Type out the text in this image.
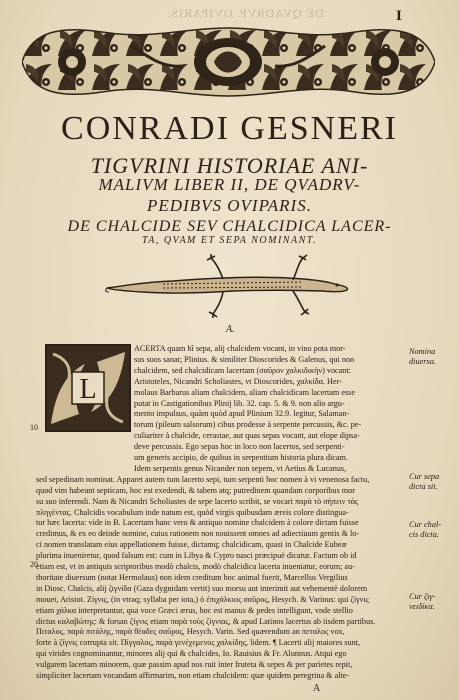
DE QVADRVP. OVIPARIS.	I
CONRADI GESNERI
TIGVRINI HISTORIAE ANI-
MALIVM LIBER II, DE QVADRV-
PEDIBVS OVIPARIS.
DE CHALCIDE SEV CHALCIDICA LACER-
TA, QVAM ET SEPA NOMINANT.
A.
L
ACERTA quam hî sepa, alij chalcidem vocant, in vino pota mor-
sus suos sanat; Plinius. & similiter Dioscorides & Galenus, qui non
chalcidem, sed chalcidicam lacertam (σαῦρον χαλκιδικὴν) vocant:
Aristoteles, Nicandri Scholiastes, vt Dioscorides, χαλκίδα. Her-
molaus Barbarus aliam chalcidem, aliam chalcidicam lacertam esse
putat in Castigationibus Plinij lib. 32. cap. 5. & 9. non alio argu-
mento impulsus, quàm quòd apud Plinium 32.9. legitur, Salaman-
torum (pileum salsorum) cibus prodesse à serpente percussis, &c. pe-
culiariter à chalcide, cerastae, aut quas sepas vocant, aut elope dipsa-
deve percussis. Ego sepas hoc in loco non lacertos, sed serpenti-
um generis accipio, de quibus in serpentium historia plura dicam.
Idem serpentis genus Nicander non sepem, vt Aetius & Lucanus,
sed sepedinam nominat. Apparet autem tum lacerto sepi, tum serpenti hoc nomen à vi venenosa factu,
quod vim habeant septicam, hoc est exedendi, & tabem atq; putredinem quandam corporibus mor
su suo inferendi. Nam & Nicandri Scholiastes de sepe lacerto scribit, se vocari παρὰ τὸ σήπειν τὰς
πληγέντας. Chalcidis vocabulum inde natum est, quòd virgis quibusdam æreis colore distingua-
tur hæc lacerta: vide in B. Lacertam hanc vero & antiquo nomine chalcidem à colore dictam fuisse
credimus, & ex eo deinde nomine, cuius rationem non nouissent omnes ad adiectiuum gentis & lo-
ci nomen translatam eius appellationem fuisse, dictamq; chalcidicam, quasi in Chalcide Eubeæ
plurima inueniretur, quod falsum est: cum in Libya & Cypro nasci præcipuè dicatur. Factum ob id
etiam est, vt in antiquis scriptoribus modò chalcis, modò chalcidica lacerta inueniatur, eorum; au-
thoritate diuersum (notat Hermolaus) non idem creditum hoc animal fuerit, Marcellus Vergilius
in Diosc. Chalcis, alij ζιγνίδα (Gaza dygnidam vertit) suo morsu aut interimit aut vehementè dolorem
mouet, Aristot. Ζίγνις, (in vtraq; syllaba per iota,) ὁ ἐπιχάλκιος σαῦρος, Hesych. & Varinus: qui ζίγνις
etiam χάλκα interpretantur, qua voce Græci ærus, hoc est manus & pedes intelligunt, vnde stellio
dictus καλαβώτης: & forsan ζίγνις etiam παρὰ τοὺς ζίγνιας, & apud Latinos lacertus ab iisdem partibus.
Πιταλος, παρὰ πιτάλης, παρὰ θέαδες σαῦρος, Hesych. Varin. Sed quærendum an πεταλος vox,
forte à ζίγνις corrupta sit. Πίγγαλος, παρὰ γενέχεμενος χαλκίδης, lidem. ¶ Lacerti alij maiores sunt,
qui virides cognominantur, minores alij qui & chalcides, Io. Rauisius & Fr. Alunnus. Atqui ego
vulgarem lacertam minorem, quæ passim apud nos ruit inter fruteta & sepes & per parietes repit,
simpliciter lacertam vocandam affirmarim, non etiam chalcidem: quæ quidem peregrina & alte-
Nomina
diuersa.
Cur sepa
dicta sit.
Cur chal-
cis dicta.
Cur ζιγ-
νειδίκα.
10
20
A
